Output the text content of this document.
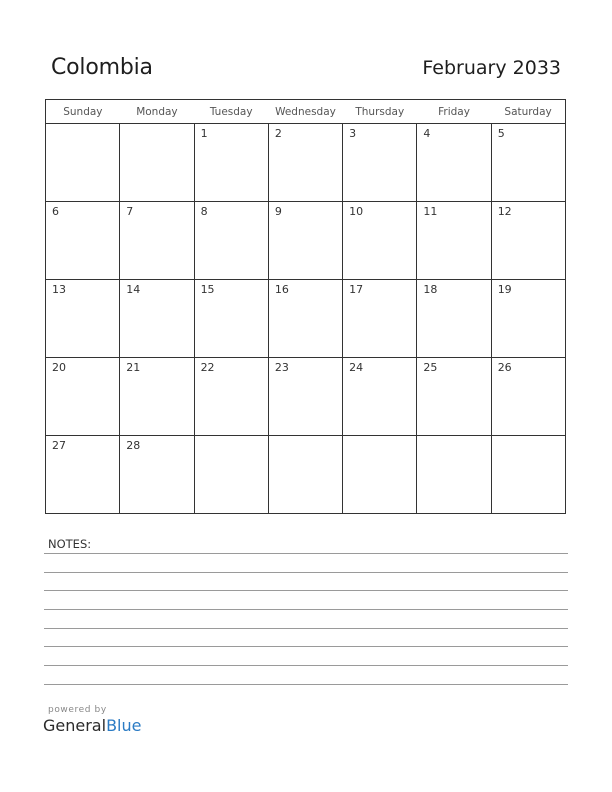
Colombia	February 2033
Sunday	Monday	Tuesday	Wednesday	Thursday	Friday	Saturday

		1	2	3	4	5

6	7	8	9	10	11	12

13	14	15	16	17	18	19

20	21	22	23	24	25	26

27	28					

NOTES:
powered by
GeneralBlue
